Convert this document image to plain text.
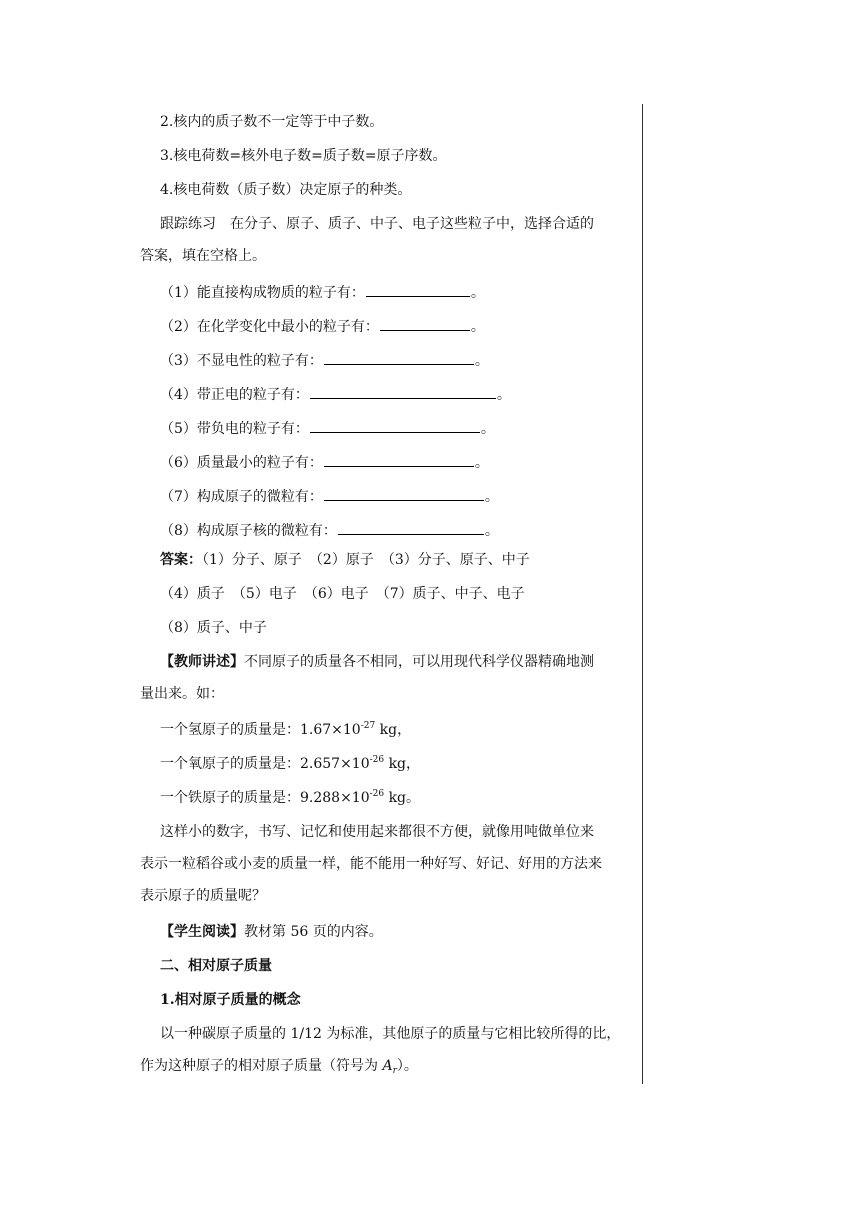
2.核内的质子数不一定等于中子数。
3.核电荷数=核外电子数=质子数=原子序数。
4.核电荷数（质子数）决定原子的种类。
跟踪练习　在分子、原子、质子、中子、电子这些粒子中，选择合适的
答案，填在空格上。
（1）能直接构成物质的粒子有：	。
（2）在化学变化中最小的粒子有：	。
（3）不显电性的粒子有：	。
（4）带正电的粒子有：	。
（5）带负电的粒子有：	。
（6）质量最小的粒子有：	。
（7）构成原子的微粒有：	。
（8）构成原子核的微粒有：	。
答案：（1）分子、原子　（2）原子　（3）分子、原子、中子
（4）质子　（5）电子　（6）电子　（7）质子、中子、电子
（8）质子、中子
【教师讲述】不同原子的质量各不相同，可以用现代科学仪器精确地测
量出来。如：
一个氢原子的质量是：$1.67\times 10^{-27}$ kg，
一个氧原子的质量是：$2.657\times 10^{-26}$ kg，
一个铁原子的质量是：$9.288\times 10^{-26}$ kg。
这样小的数字，书写、记忆和使用起来都很不方便，就像用吨做单位来
表示一粒稻谷或小麦的质量一样，能不能用一种好写、好记、好用的方法来
表示原子的质量呢？
【学生阅读】教材第 56 页的内容。
二、相对原子质量
1.相对原子质量的概念
以一种碳原子质量的 1/12 为标准，其他原子的质量与它相比较所得的比，
作为这种原子的相对原子质量（符号为 $A_r$）。
